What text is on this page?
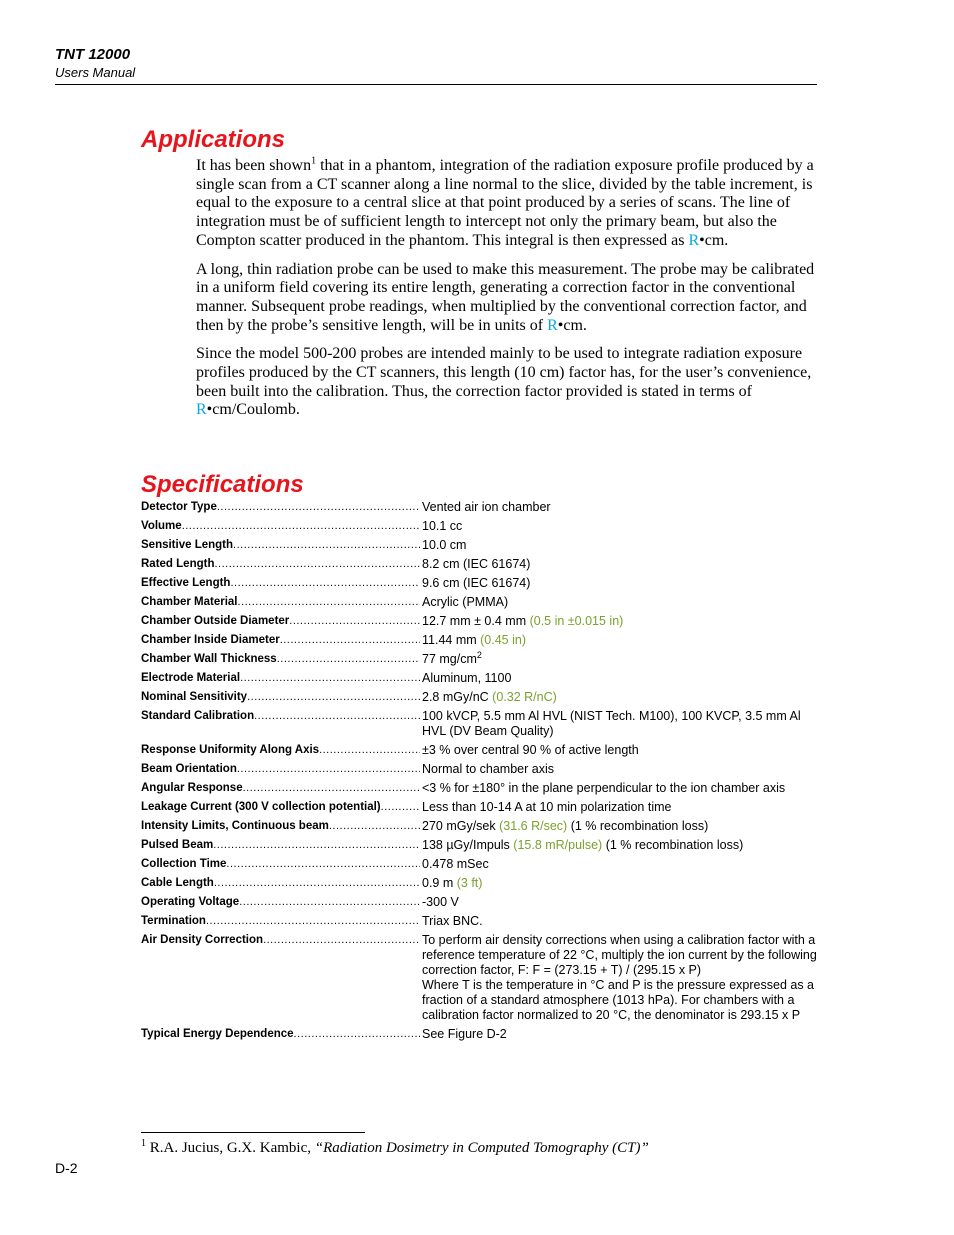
TNT 12000
Users Manual
Applications

It has been shown$^1$ that in a phantom, integration of the radiation exposure profile produced by a single scan from a CT scanner along a line normal to the slice, divided by the table increment, is equal to the exposure to a central slice at that point produced by a series of scans. The line of integration must be of sufficient length to intercept not only the primary beam, but also the Compton scatter produced in the phantom. This integral is then expressed as R•cm.

A long, thin radiation probe can be used to make this measurement. The probe may be calibrated in a uniform field covering its entire length, generating a correction factor in the conventional manner. Subsequent probe readings, when multiplied by the conventional correction factor, and then by the probe’s sensitive length, will be in units of R•cm.

Since the model 500-200 probes are intended mainly to be used to integrate radiation exposure profiles produced by the CT scanners, this length (10 cm) factor has, for the user’s convenience, been built into the calibration. Thus, the correction factor provided is stated in terms of R•cm/Coulomb.

Specifications
Detector Type .....	Vented air ion chamber
Volume .....	10.1 cc
Sensitive Length .....	10.0 cm
Rated Length .....	8.2 cm (IEC 61674)
Effective Length .....	9.6 cm (IEC 61674)
Chamber Material .....	Acrylic (PMMA)
Chamber Outside Diameter .....	12.7 mm ± 0.4 mm (0.5 in ±0.015 in)
Chamber Inside Diameter .....	11.44 mm (0.45 in)
Chamber Wall Thickness .....	77 $mg/cm^2$
Electrode Material .....	Aluminum, 1100
Nominal Sensitivity .....	2.8 mGy/nC (0.32 R/nC)
Standard Calibration .....	100 kVCP, 5.5 mm Al HVL (NIST Tech. M100), 100 KVCP, 3.5 mm Al HVL (DV Beam Quality)
Response Uniformity Along Axis .....	±3 % over central 90 % of active length
Beam Orientation .....	Normal to chamber axis
Angular Response .....	<3 % for ±180° in the plane perpendicular to the ion chamber axis
Leakage Current (300 V collection potential) .....	Less than 10-14 A at 10 min polarization time
Intensity Limits, Continuous beam .....	270 mGy/sek (31.6 R/sec) (1 % recombination loss)
Pulsed Beam .....	138 µGy/Impuls (15.8 mR/pulse) (1 % recombination loss)
Collection Time .....	0.478 mSec
Cable Length .....	0.9 m (3 ft)
Operating Voltage .....	-300 V
Termination .....	Triax BNC.
Air Density Correction .....	To perform air density corrections when using a calibration factor with a reference temperature of 22 °C, multiply the ion current by the following correction factor, F: F = (273.15 + T) / (295.15 x P)
Where T is the temperature in °C and P is the pressure expressed as a fraction of a standard atmosphere (1013 hPa). For chambers with a calibration factor normalized to 20 °C, the denominator is 293.15 x P
Typical Energy Dependence .....	See Figure D-2
$^1$ R.A. Jucius, G.X. Kambic, “Radiation Dosimetry in Computed Tomography (CT)”
D-2
